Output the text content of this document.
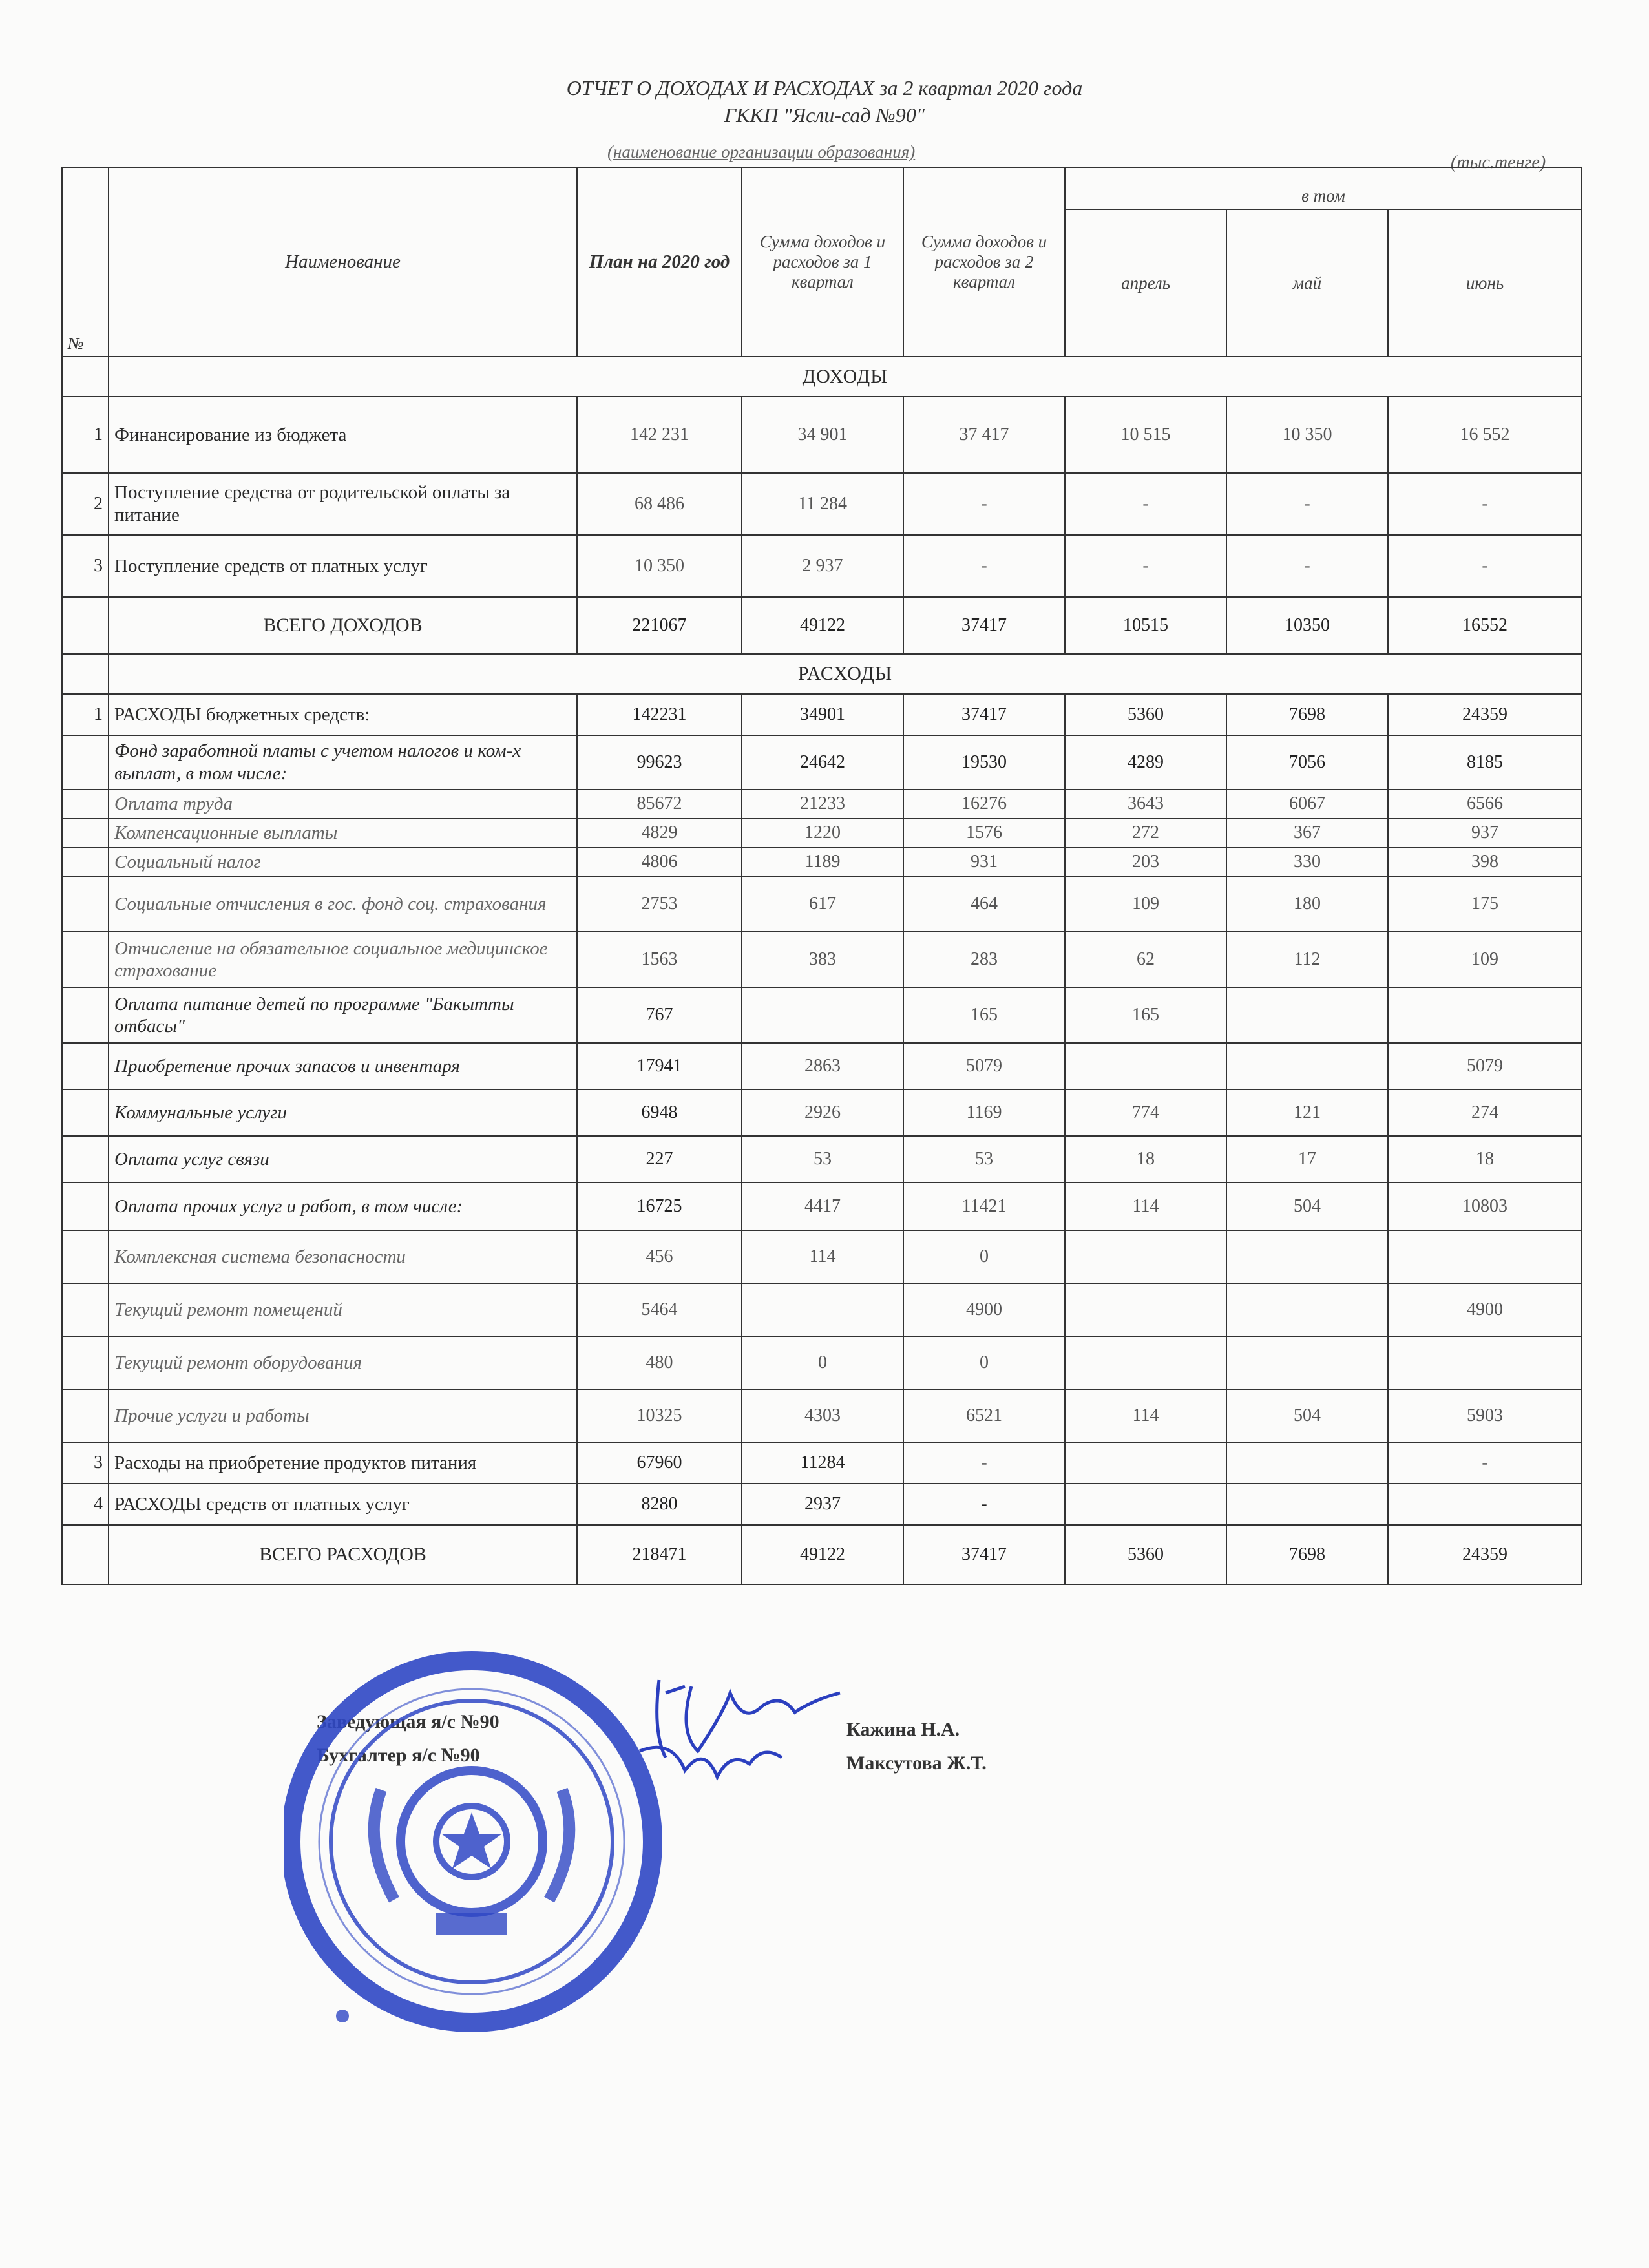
ОТЧЕТ О ДОХОДАХ И РАСХОДАХ за 2 квартал 2020 года
ГККП "Ясли-сад №90"
(наименование организации образования)
(тыс.тенге)
№	Наименование	План на 2020 год	Сумма доходов и расходов за 1 квартал	Сумма доходов и расходов за 2 квартал	в том		
					апрель	май	июнь
	ДОХОДЫ						
1	Финансирование из бюджета	142 231	34 901	37 417	10 515	10 350	16 552
2	Поступление средства от родительской оплаты за питание	68 486	11 284	-	-	-	-
3	Поступление средств от платных услуг	10 350	2 937	-	-	-	-
	ВСЕГО ДОХОДОВ	221067	49122	37417	10515	10350	16552
	РАСХОДЫ						
1	РАСХОДЫ бюджетных средств:	142231	34901	37417	5360	7698	24359
	Фонд заработной платы с учетом налогов и ком-х выплат, в том числе:	99623	24642	19530	4289	7056	8185
	Оплата труда	85672	21233	16276	3643	6067	6566
	Компенсационные выплаты	4829	1220	1576	272	367	937
	Социальный налог	4806	1189	931	203	330	398
	Социальные отчисления в гос. фонд соц. страхования	2753	617	464	109	180	175
	Отчисление на обязательное социальное медицинское страхование	1563	383	283	62	112	109
	Оплата питание детей по программе "Бакытты отбасы"	767		165	165		
	Приобретение прочих запасов и инвентаря	17941	2863	5079			5079
	Коммунальные услуги	6948	2926	1169	774	121	274
	Оплата услуг связи	227	53	53	18	17	18
	Оплата прочих услуг и работ, в том числе:	16725	4417	11421	114	504	10803
	Комплексная система безопасности	456	114	0			
	Текущий ремонт помещений	5464		4900			4900
	Текущий ремонт оборудования	480	0	0			
	Прочие услуги и работы	10325	4303	6521	114	504	5903
3	Расходы на приобретение продуктов питания	67960	11284	-			-
4	РАСХОДЫ средств от платных услуг	8280	2937	-			
	ВСЕГО РАСХОДОВ	218471	49122	37417	5360	7698	24359
Заведующая я/с №90
Бухгалтер я/с №90
Кажина Н.А.
Максутова Ж.Т.
